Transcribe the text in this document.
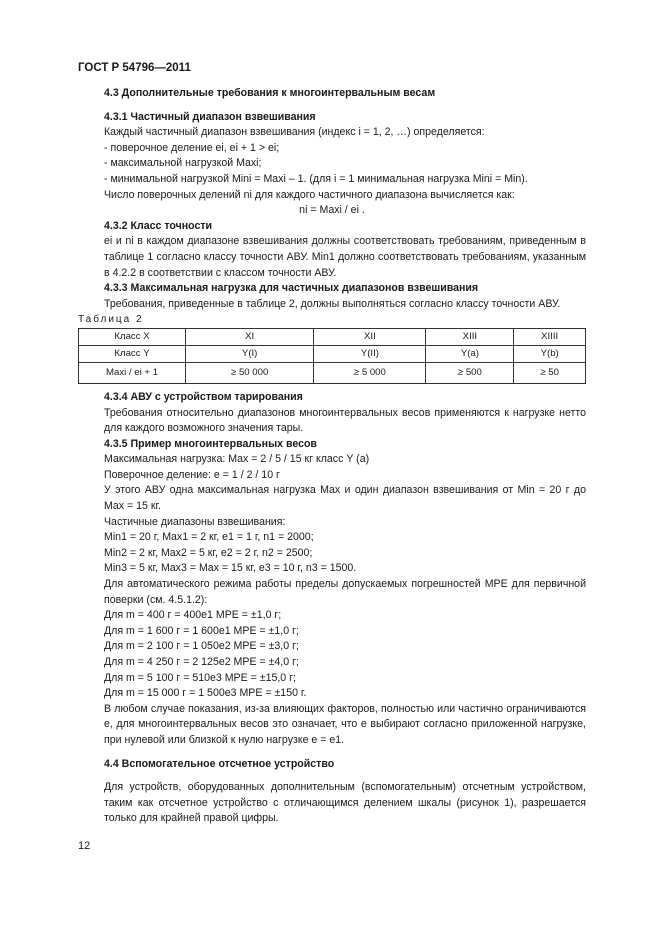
ГОСТ Р 54796—2011

4.3 Дополнительные требования к многоинтервальным весам

4.3.1 Частичный диапазон взвешивания

Каждый частичный диапазон взвешивания (индекс i = 1, 2, …) определяется:

- поверочное деление ei, ei + 1 > ei;

- максимальной нагрузкой Maxi;

- минимальной нагрузкой Mini = Maxi – 1. (для i = 1 минимальная нагрузка Mini = Min).

Число поверочных делений ni для каждого частичного диапазона вычисляется как:

ni = Maxi / ei .

4.3.2 Класс точности

ei и ni в каждом диапазоне взвешивания должны соответствовать требованиям, приведенным в таблице 1 согласно классу точности АВУ. Min1 должно соответствовать требованиям, указанным в 4.2.2 в соответствии с классом точности АВУ.

4.3.3 Максимальная нагрузка для частичных диапазонов взвешивания

Требования, приведенные в таблице 2, должны выполняться согласно классу точности АВУ.

Таблица 2

Класс X	XI	XII	XIII	XIIII
Класс Y	Y(I)	Y(II)	Y(a)	Y(b)
Maxi / ei + 1	≥ 50 000	≥ 5 000	≥ 500	≥ 50

4.3.4 АВУ с устройством тарирования

Требования относительно диапазонов многоинтервальных весов применяются к нагрузке нетто для каждого возможного значения тары.

4.3.5 Пример многоинтервальных весов

Максимальная нагрузка: Max = 2 / 5 / 15 кг класс Y (a)

Поверочное деление: e = 1 / 2 / 10 г

У этого АВУ одна максимальная нагрузка Max и один диапазон взвешивания от Min = 20 г до Max = 15 кг.

Частичные диапазоны взвешивания:

Min1 = 20 г, Max1 = 2 кг, e1 = 1 г, n1 = 2000;

Min2 = 2 кг, Max2 = 5 кг, e2 = 2 г, n2 = 2500;

Min3 = 5 кг, Max3 = Max = 15 кг, e3 = 10 г, n3 = 1500.

Для автоматического режима работы пределы допускаемых погрешностей МРЕ для первичной поверки (см. 4.5.1.2):

Для m = 400 г = 400e1 МРЕ = ±1,0 г;

Для m = 1 600 г = 1 600e1 МРЕ = ±1,0 г;

Для m = 2 100 г = 1 050e2 МРЕ = ±3,0 г;

Для m = 4 250 г = 2 125e2 МРЕ = ±4,0 г;

Для m = 5 100 г = 510e3 МРЕ = ±15,0 г;

Для m = 15 000 г = 1 500e3 МРЕ = ±150 г.

В любом случае показания, из-за влияющих факторов, полностью или частично ограничиваются e, для многоинтервальных весов это означает, что e выбирают согласно приложенной нагрузке, при нулевой или близкой к нулю нагрузке e = e1.

4.4 Вспомогательное отсчетное устройство

Для устройств, оборудованных дополнительным (вспомогательным) отсчетным устройством, таким как отсчетное устройство с отличающимся делением шкалы (рисунок 1), разрешается только для крайней правой цифры.

12
